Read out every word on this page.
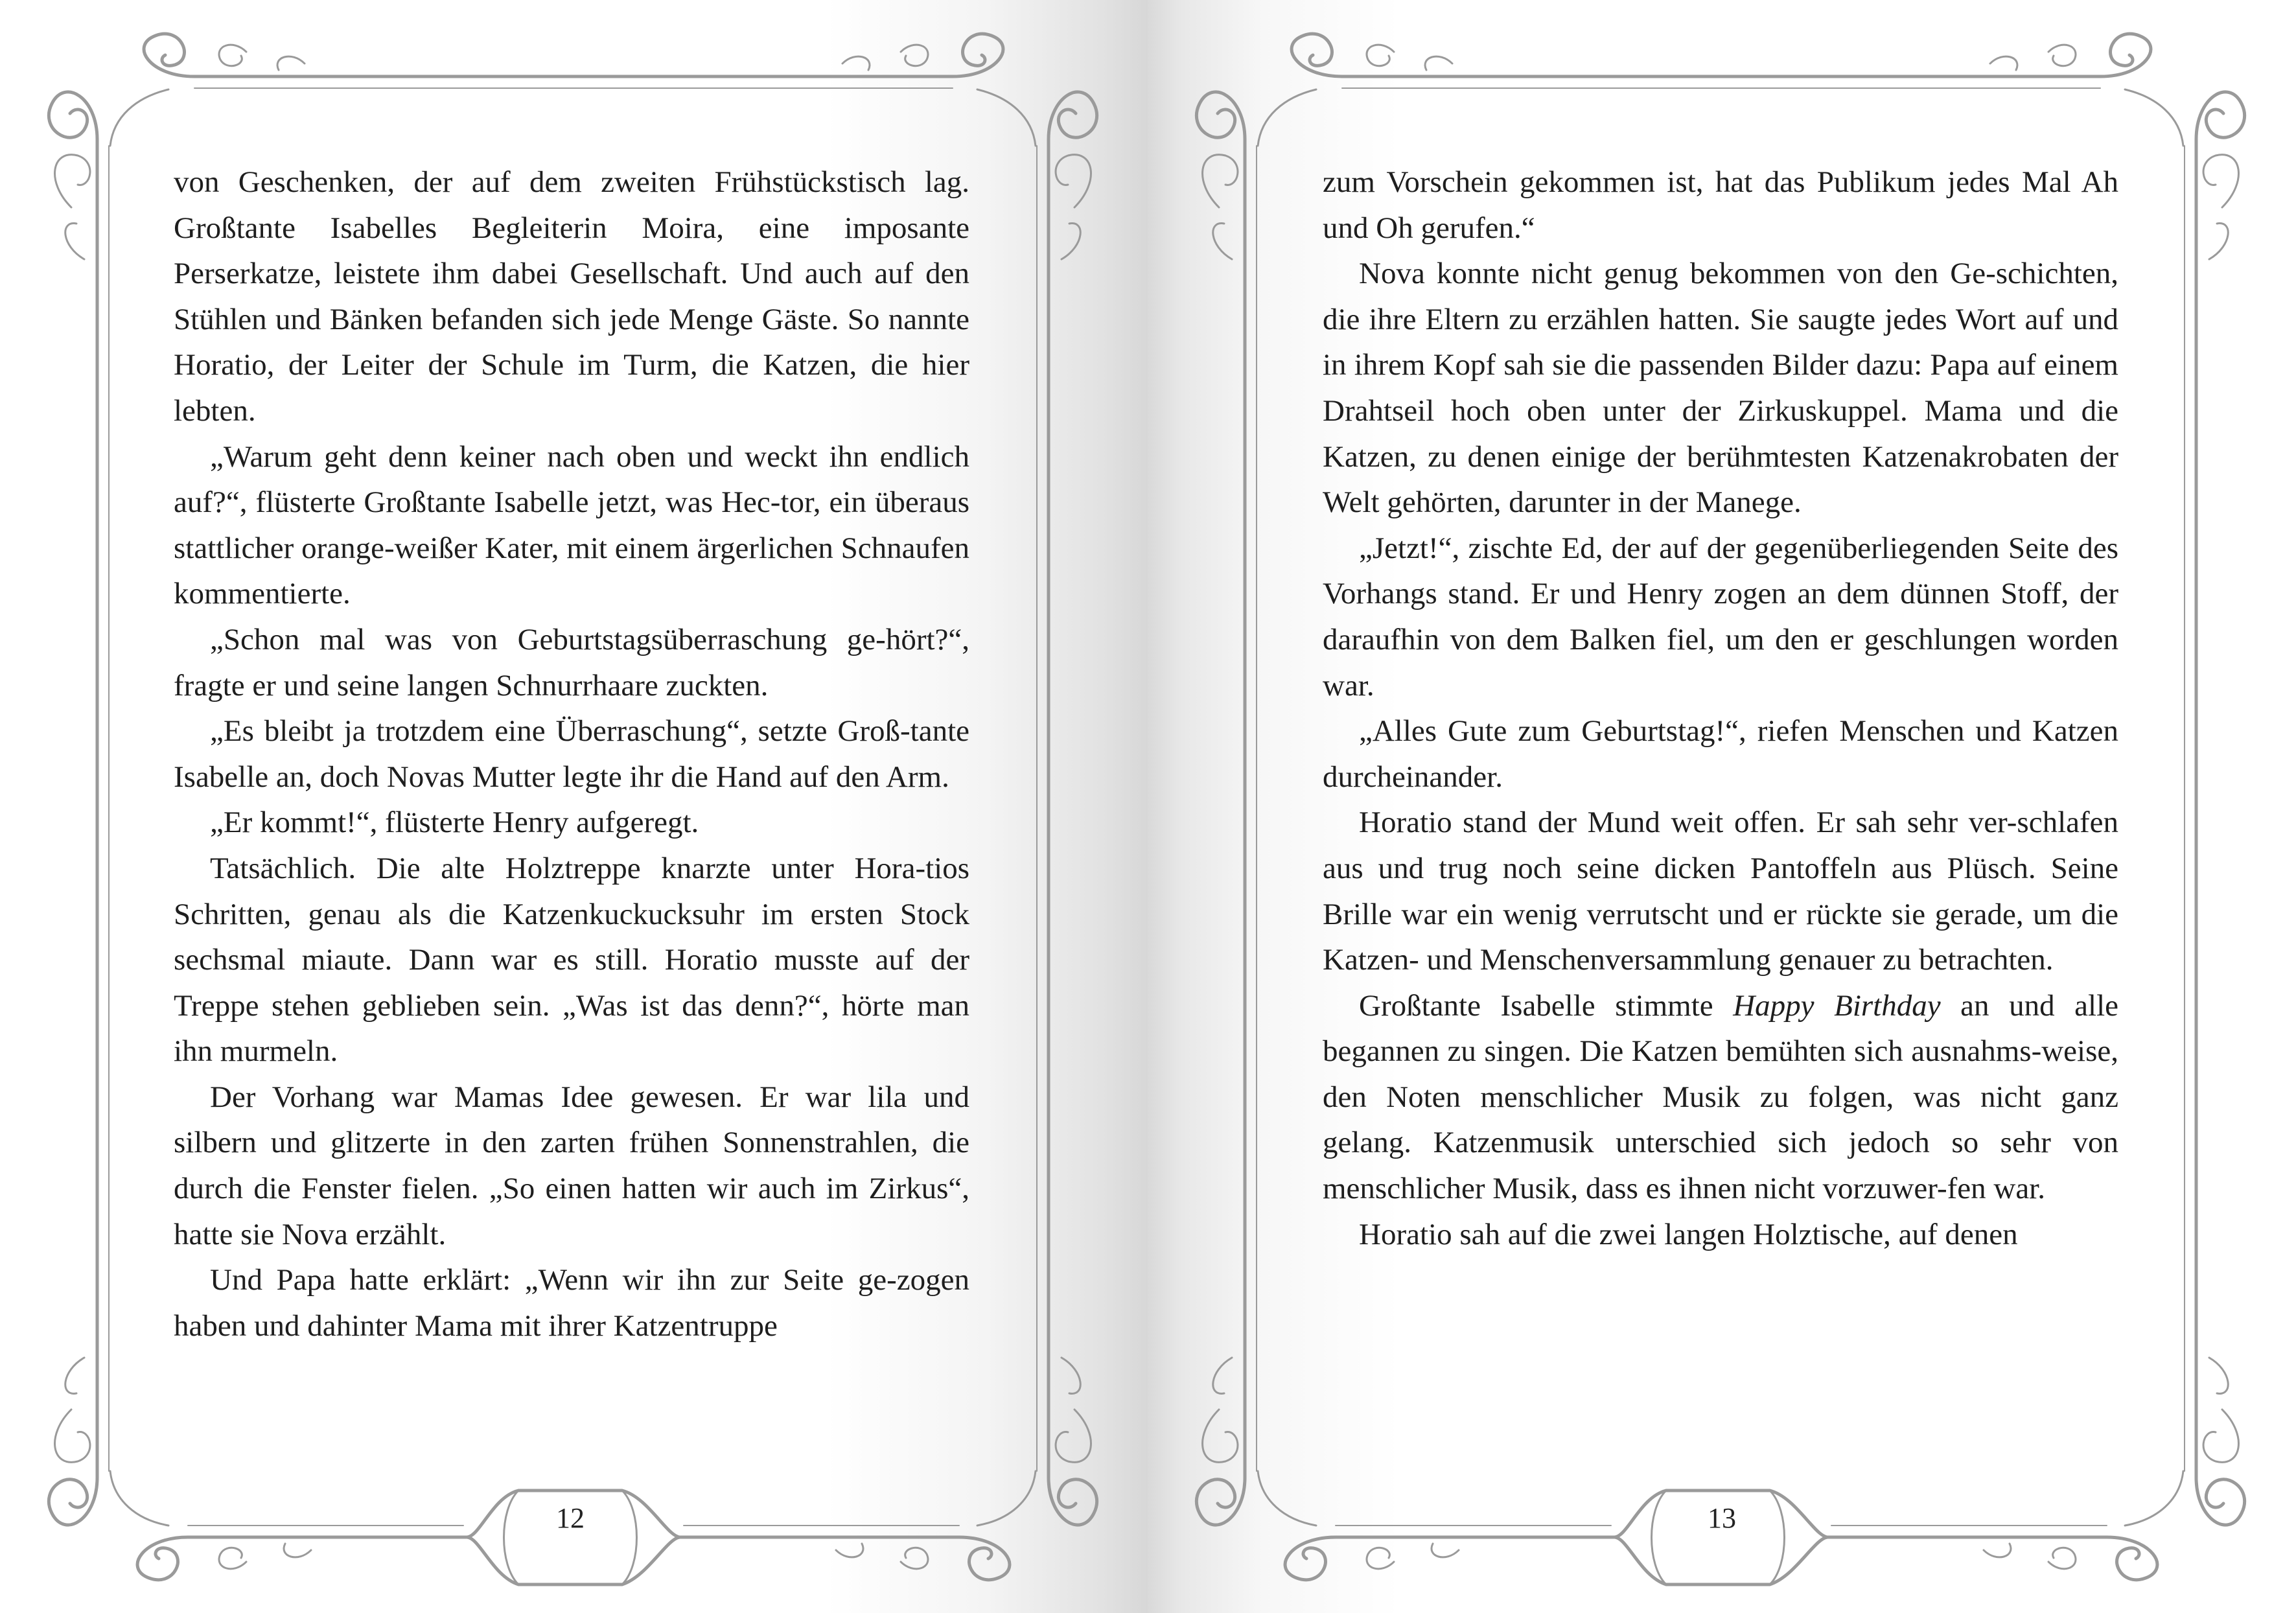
von Geschenken, der auf dem zweiten Frühstückstisch lag. Großtante Isabelles Begleiterin Moira, eine imposante Perserkatze, leistete ihm dabei Gesellschaft. Und auch auf den Stühlen und Bänken befanden sich jede Menge Gäste. So nannte Horatio, der Leiter der Schule im Turm, die Katzen, die hier lebten.

„Warum geht denn keiner nach oben und weckt ihn endlich auf?“, flüsterte Großtante Isabelle jetzt, was Hec-tor, ein überaus stattlicher orange-weißer Kater, mit einem ärgerlichen Schnaufen kommentierte.

„Schon mal was von Geburtstagsüberraschung ge-hört?“, fragte er und seine langen Schnurrhaare zuckten.

„Es bleibt ja trotzdem eine Überraschung“, setzte Groß-tante Isabelle an, doch Novas Mutter legte ihr die Hand auf den Arm.

„Er kommt!“, flüsterte Henry aufgeregt.

Tatsächlich. Die alte Holztreppe knarzte unter Hora-tios Schritten, genau als die Katzenkuckucksuhr im ersten Stock sechsmal miaute. Dann war es still. Horatio musste auf der Treppe stehen geblieben sein. „Was ist das denn?“, hörte man ihn murmeln.

Der Vorhang war Mamas Idee gewesen. Er war lila und silbern und glitzerte in den zarten frühen Sonnenstrahlen, die durch die Fenster fielen. „So einen hatten wir auch im Zirkus“, hatte sie Nova erzählt.

Und Papa hatte erklärt: „Wenn wir ihn zur Seite ge-zogen haben und dahinter Mama mit ihrer Katzentruppe

12

zum Vorschein gekommen ist, hat das Publikum jedes Mal Ah und Oh gerufen.“

Nova konnte nicht genug bekommen von den Ge-schichten, die ihre Eltern zu erzählen hatten. Sie saugte jedes Wort auf und in ihrem Kopf sah sie die passenden Bilder dazu: Papa auf einem Drahtseil hoch oben unter der Zirkuskuppel. Mama und die Katzen, zu denen einige der berühmtesten Katzenakrobaten der Welt gehörten, darunter in der Manege.

„Jetzt!“, zischte Ed, der auf der gegenüberliegenden Seite des Vorhangs stand. Er und Henry zogen an dem dünnen Stoff, der daraufhin von dem Balken fiel, um den er geschlungen worden war.

„Alles Gute zum Geburtstag!“, riefen Menschen und Katzen durcheinander.

Horatio stand der Mund weit offen. Er sah sehr ver-schlafen aus und trug noch seine dicken Pantoffeln aus Plüsch. Seine Brille war ein wenig verrutscht und er rückte sie gerade, um die Katzen- und Menschenversammlung genauer zu betrachten.

Großtante Isabelle stimmte Happy Birthday an und alle begannen zu singen. Die Katzen bemühten sich ausnahms-weise, den Noten menschlicher Musik zu folgen, was nicht ganz gelang. Katzenmusik unterschied sich jedoch so sehr von menschlicher Musik, dass es ihnen nicht vorzuwer-fen war.

Horatio sah auf die zwei langen Holztische, auf denen

13
